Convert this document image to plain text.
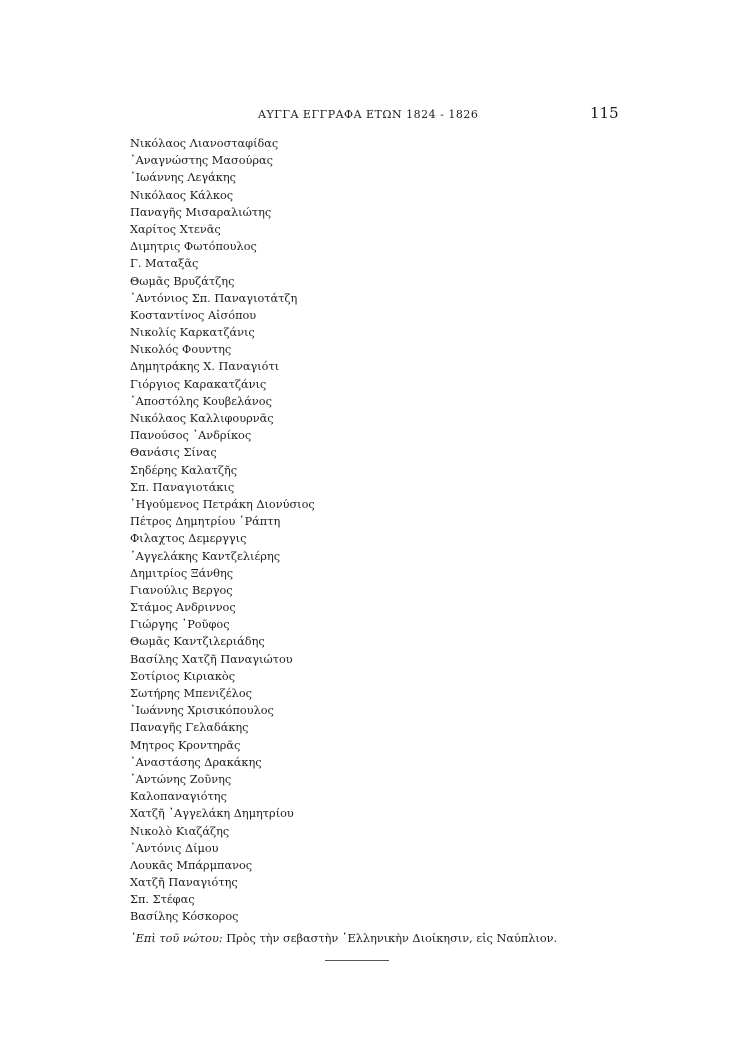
ΑΥΓΓΑ ΕΓΓΡΑΦΑ ΕΤΩΝ 1824 - 1826	115
Νικόλαος Λιανοσταφίδας
᾿Αναγνώστης Μασούρας
᾿Ιωάννης Λεγάκης
Νικόλαος Κάλκος
Παναγῆς Μισαραλιώτης
Χαρίτος Χτενᾶς
Διμητρις Φωτόπουλος
Γ. Ματαξᾶς
Θωμᾶς Βρυζάτζης
᾿Αντόνιος Σπ. Παναγιοτάτζη
Κοσταντίνος Αἰσόπου
Νικολίς Καρκατζάνις
Νικολός Φουντης
Δημητράκης Χ. Παναγιότι
Γιόργιος Καρακατζάνις
᾿Αποστόλης Κουβελάνος
Νικόλαος Καλλιφουρνᾶς
Πανούσος ᾿Ανδρίκος
Θανάσις Σίνας
Σηδέρης Καλατζῆς
Σπ. Παναγιοτάκις
῾Ηγούμενος Πετράκη Διονύσιος
Πέτρος Δημητρίου ῾Ράπτη
Φιλαχτος Δεμεργγις
᾿Αγγελάκης Καντζελιέρης
Δημιτρίος Ξάνθης
Γιανούλις Βεργος
Στάμος Ανδριννος
Γιώργης ῾Ροῦφος
Θωμᾶς Καντζιλεριάδης
Βασίλης Χατζῆ Παναγιώτου
Σοτίριος Κιριακὸς
Σωτήρης Μπενιζέλος
᾿Ιωάννης Χρισικόπουλος
Παναγῆς Γελαδάκης
Μητρος Κροντηρᾶς
᾿Αναστάσης Δρακάκης
᾿Αντώνης Ζοῦνης
Καλοπαναγιότης
Χατζῆ ᾿Αγγελάκη Δημητρίου
Νικολὸ Κιαζάζης
᾿Αντόνις Δίμου
Λουκᾶς Μπάρμπανος
Χατζῆ Παναγιότης
Σπ. Στέφας
Βασίλης Κόσκορος
᾿Επὶ τοῦ νώτου: Πρὸς τὴν σεβαστὴν ῾Ελληνικὴν Διοίκησιν, εἰς Ναύπλιον.
